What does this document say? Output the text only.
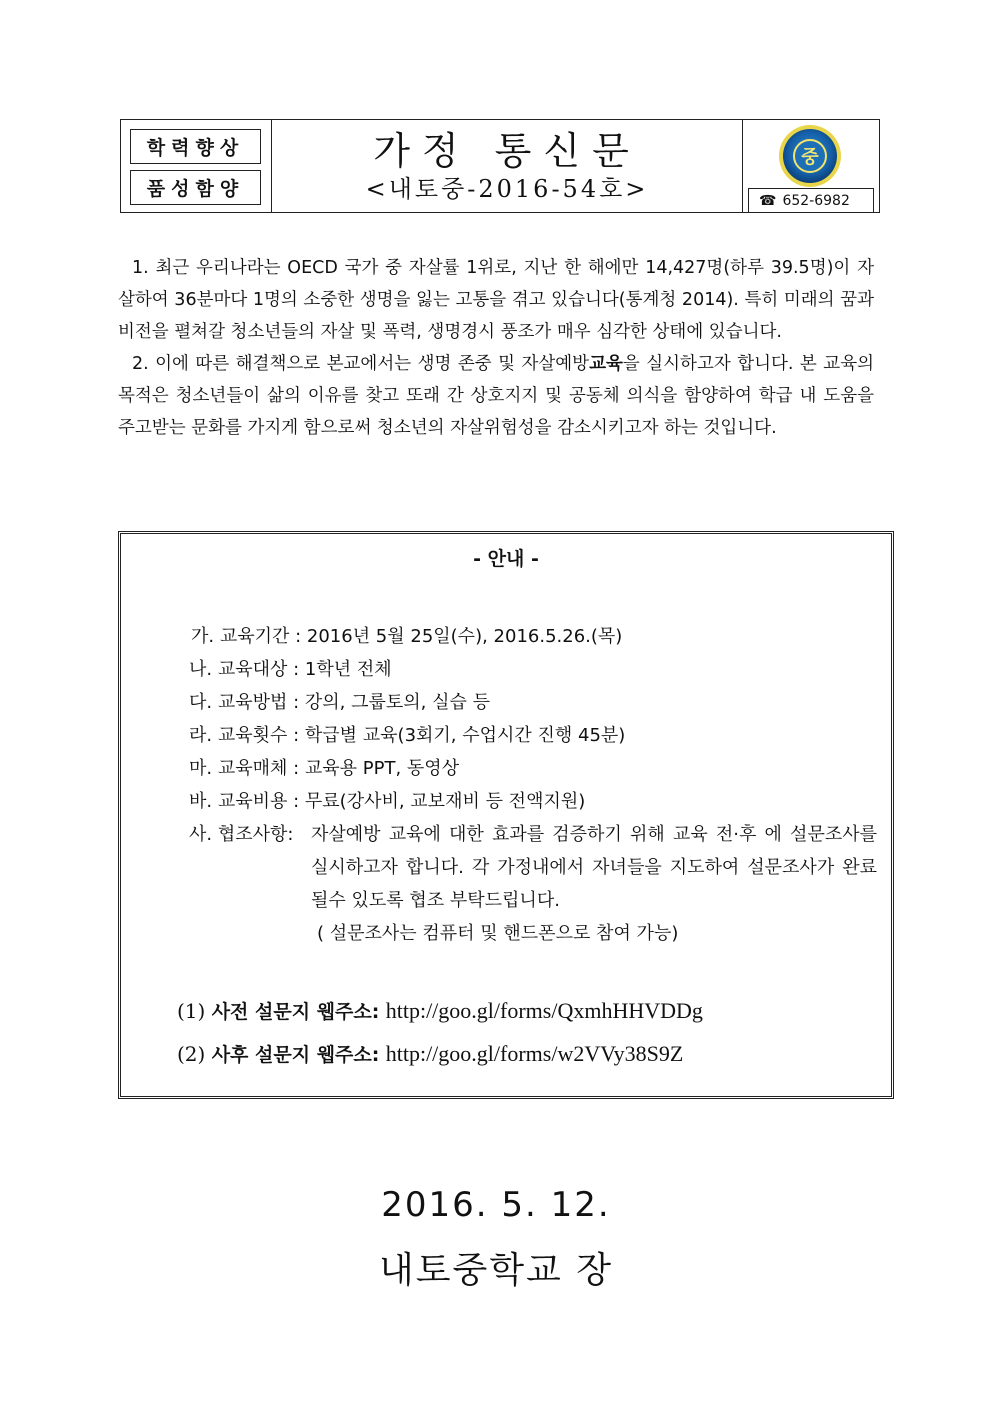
학력향상
품성함양
가정 통신문
<내토중-2016-54호>
중
☎ 652-6982

1. 최근 우리나라는 OECD 국가 중 자살률 1위로, 지난 한 해에만 14,427명(하루 39.5명)이 자살하여 36분마다 1명의 소중한 생명을 잃는 고통을 겪고 있습니다(통계청 2014). 특히 미래의 꿈과 비전을 펼쳐갈 청소년들의 자살 및 폭력, 생명경시 풍조가 매우 심각한 상태에 있습니다.

2. 이에 따른 해결책으로 본교에서는 생명 존중 및 자살예방교육을 실시하고자 합니다. 본 교육의 목적은 청소년들이 삶의 이유를 찾고 또래 간 상호지지 및 공동체 의식을 함양하여 학급 내 도움을 주고받는 문화를 가지게 함으로써 청소년의 자살위험성을 감소시키고자 하는 것입니다.

- 안내 -
가. 교육기간 : 2016년 5월 25일(수), 2016.5.26.(목)
나. 교육대상 : 1학년 전체
다. 교육방법 : 강의, 그룹토의, 실습 등
라. 교육횟수 : 학급별 교육(3회기, 수업시간 진행 45분)
마. 교육매체 : 교육용 PPT, 동영상
바. 교육비용 : 무료(강사비, 교보재비 등 전액지원)
사. 협조사항: 자살예방 교육에 대한 효과를 검증하기 위해 교육 전·후 에 설문조사를 실시하고자 합니다. 각 가정내에서 자녀들을 지도하여 설문조사가 완료 될수 있도록 협조 부탁드립니다.
( 설문조사는 컴퓨터 및 핸드폰으로 참여 가능)
(1) 사전 설문지 웹주소: http://goo.gl/forms/QxmhHHVDDg
(2) 사후 설문지 웹주소: http://goo.gl/forms/w2VVy38S9Z
2016. 5. 12.
내토중학교 장
